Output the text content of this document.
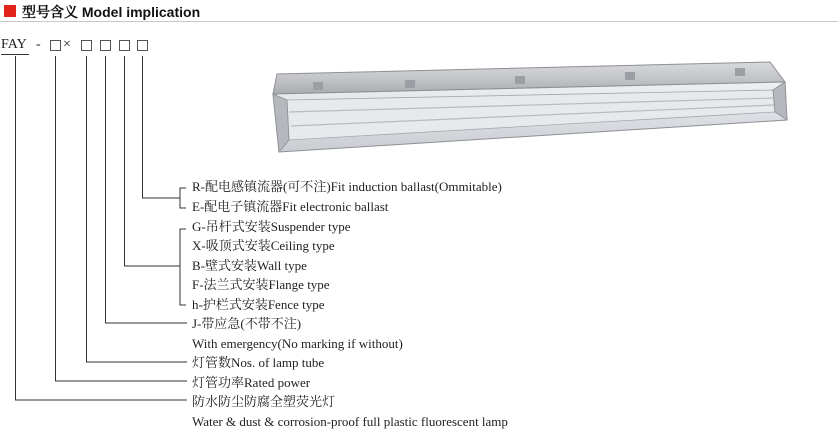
型号含义 Model implication
FAY - ×
R-配电感镇流器(可不注)Fit induction ballast(Ommitable)
E-配电子镇流器Fit electronic ballast
G-吊杆式安装Suspender type
X-吸顶式安装Ceiling type
B-壁式安装Wall type
F-法兰式安装Flange type
h-护栏式安装Fence type
J-带应急(不带不注)
With emergency(No marking if without)
灯管数Nos. of lamp tube
灯管功率Rated power
防水防尘防腐全塑荧光灯
Water & dust & corrosion-proof full plastic fluorescent lamp
